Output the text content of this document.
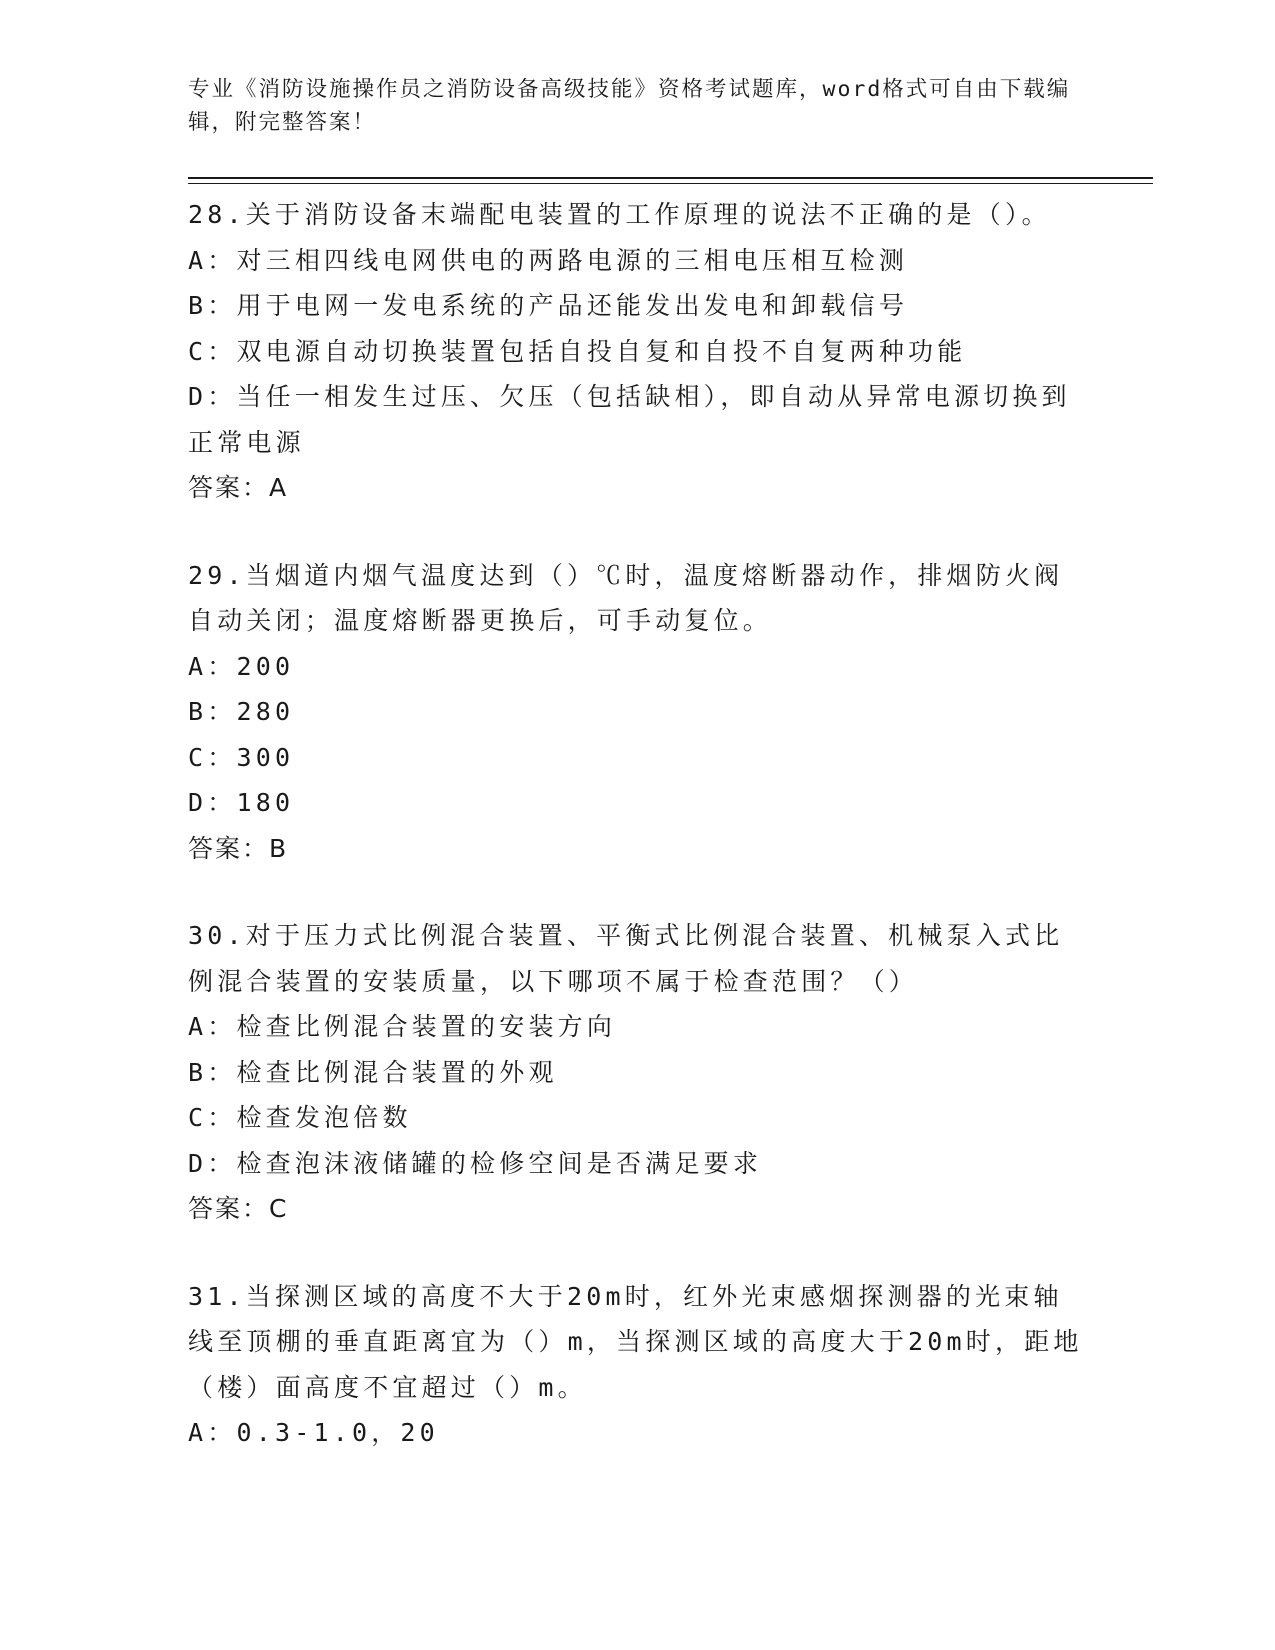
专业《消防设施操作员之消防设备高级技能》资格考试题库，word格式可自由下载编辑，附完整答案！
28.关于消防设备末端配电装置的工作原理的说法不正确的是（）。
A：对三相四线电网供电的两路电源的三相电压相互检测
B：用于电网一发电系统的产品还能发出发电和卸载信号
C：双电源自动切换装置包括自投自复和自投不自复两种功能
D：当任一相发生过压、欠压（包括缺相），即自动从异常电源切换到正常电源
答案：A
29.当烟道内烟气温度达到（）℃时，温度熔断器动作，排烟防火阀自动关闭；温度熔断器更换后，可手动复位。
A：200
B：280
C：300
D：180
答案：B
30.对于压力式比例混合装置、平衡式比例混合装置、机械泵入式比例混合装置的安装质量，以下哪项不属于检查范围？（）
A：检查比例混合装置的安装方向
B：检查比例混合装置的外观
C：检查发泡倍数
D：检查泡沫液储罐的检修空间是否满足要求
答案：C
31.当探测区域的高度不大于20m时，红外光束感烟探测器的光束轴线至顶棚的垂直距离宜为（）m，当探测区域的高度大于20m时，距地（楼）面高度不宜超过（）m。
A：0.3-1.0，20
